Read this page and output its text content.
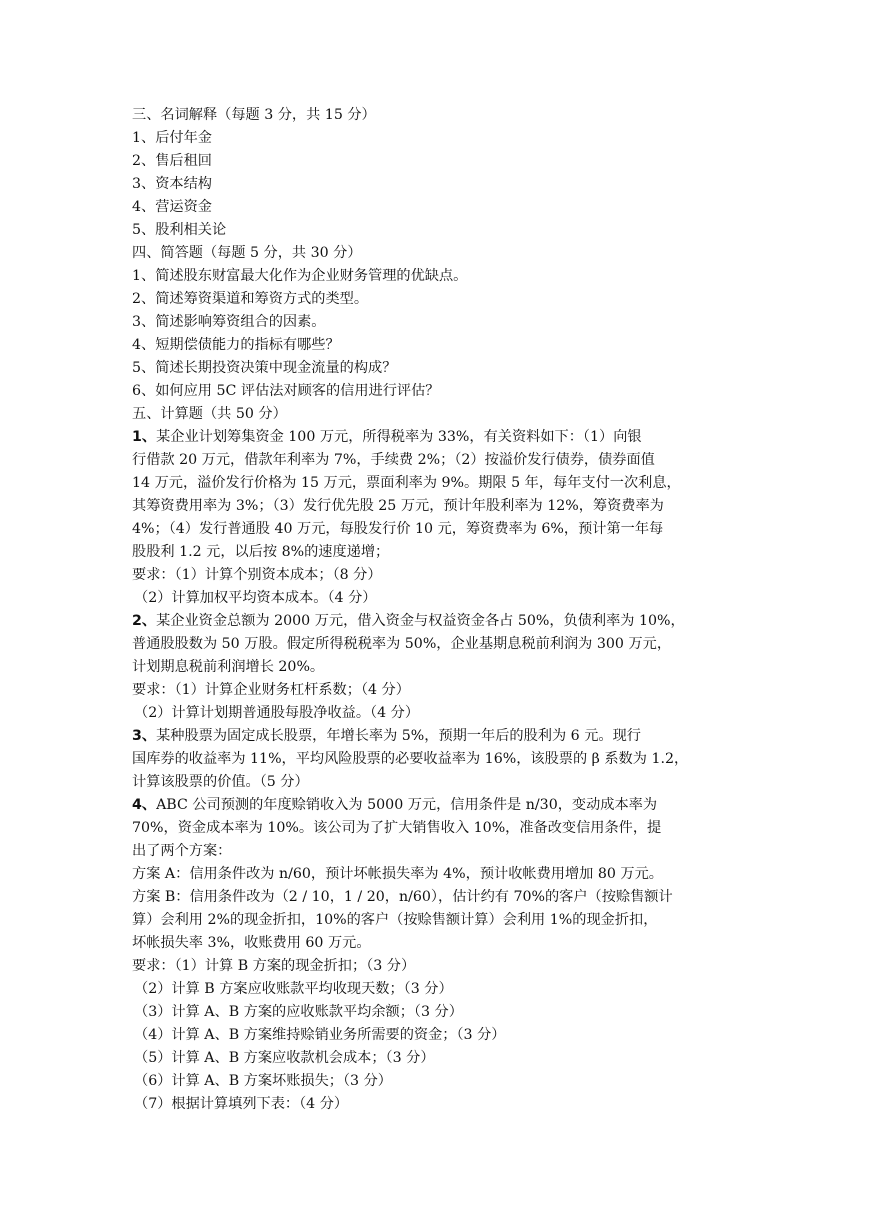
三、名词解释（每题 3 分，共 15 分）
1、后付年金
2、售后租回
3、资本结构
4、营运资金
5、股利相关论
四、简答题（每题 5 分，共 30 分）
1、简述股东财富最大化作为企业财务管理的优缺点。
2、简述筹资渠道和筹资方式的类型。
3、简述影响筹资组合的因素。
4、短期偿债能力的指标有哪些？
5、简述长期投资决策中现金流量的构成？
6、如何应用 5C 评估法对顾客的信用进行评估？
五、计算题（共 50 分）
1、某企业计划筹集资金 100 万元，所得税率为 33%，有关资料如下：（1）向银
行借款 20 万元，借款年利率为 7%，手续费 2%；（2）按溢价发行债券，债券面值
14 万元，溢价发行价格为 15 万元，票面利率为 9%。期限 5 年，每年支付一次利息，
其筹资费用率为 3%；（3）发行优先股 25 万元，预计年股利率为 12%，筹资费率为
4%；（4）发行普通股 40 万元，每股发行价 10 元，筹资费率为 6%，预计第一年每
股股利 1.2 元，以后按 8%的速度递增；
要求：（1）计算个别资本成本；（8 分）
（2）计算加权平均资本成本。（4 分）
2、某企业资金总额为 2000 万元，借入资金与权益资金各占 50%，负债利率为 10%，
普通股股数为 50 万股。假定所得税税率为 50%，企业基期息税前利润为 300 万元，
计划期息税前利润增长 20%。
要求：（1）计算企业财务杠杆系数；（4 分）
（2）计算计划期普通股每股净收益。（4 分）
3、某种股票为固定成长股票，年增长率为 5%，预期一年后的股利为 6 元。现行
国库券的收益率为 11%，平均风险股票的必要收益率为 16%，该股票的 β 系数为 1.2，
计算该股票的价值。（5 分）
4、ABC 公司预测的年度赊销收入为 5000 万元，信用条件是 n/30，变动成本率为
70%，资金成本率为 10%。该公司为了扩大销售收入 10%，准备改变信用条件，提
出了两个方案：
方案 A：信用条件改为 n/60，预计坏帐损失率为 4%，预计收帐费用增加 80 万元。
方案 B：信用条件改为（2 / 10，1 / 20，n/60），估计约有 70%的客户（按赊售额计
算）会利用 2%的现金折扣，10%的客户（按赊售额计算）会利用 1%的现金折扣，
坏帐损失率 3%，收账费用 60 万元。
要求：（1）计算 B 方案的现金折扣；（3 分）
（2）计算 B 方案应收账款平均收现天数；（3 分）
（3）计算 A、B 方案的应收账款平均余额；（3 分）
（4）计算 A、B 方案维持赊销业务所需要的资金；（3 分）
（5）计算 A、B 方案应收款机会成本；（3 分）
（6）计算 A、B 方案坏账损失；（3 分）
（7）根据计算填列下表：（4 分）
